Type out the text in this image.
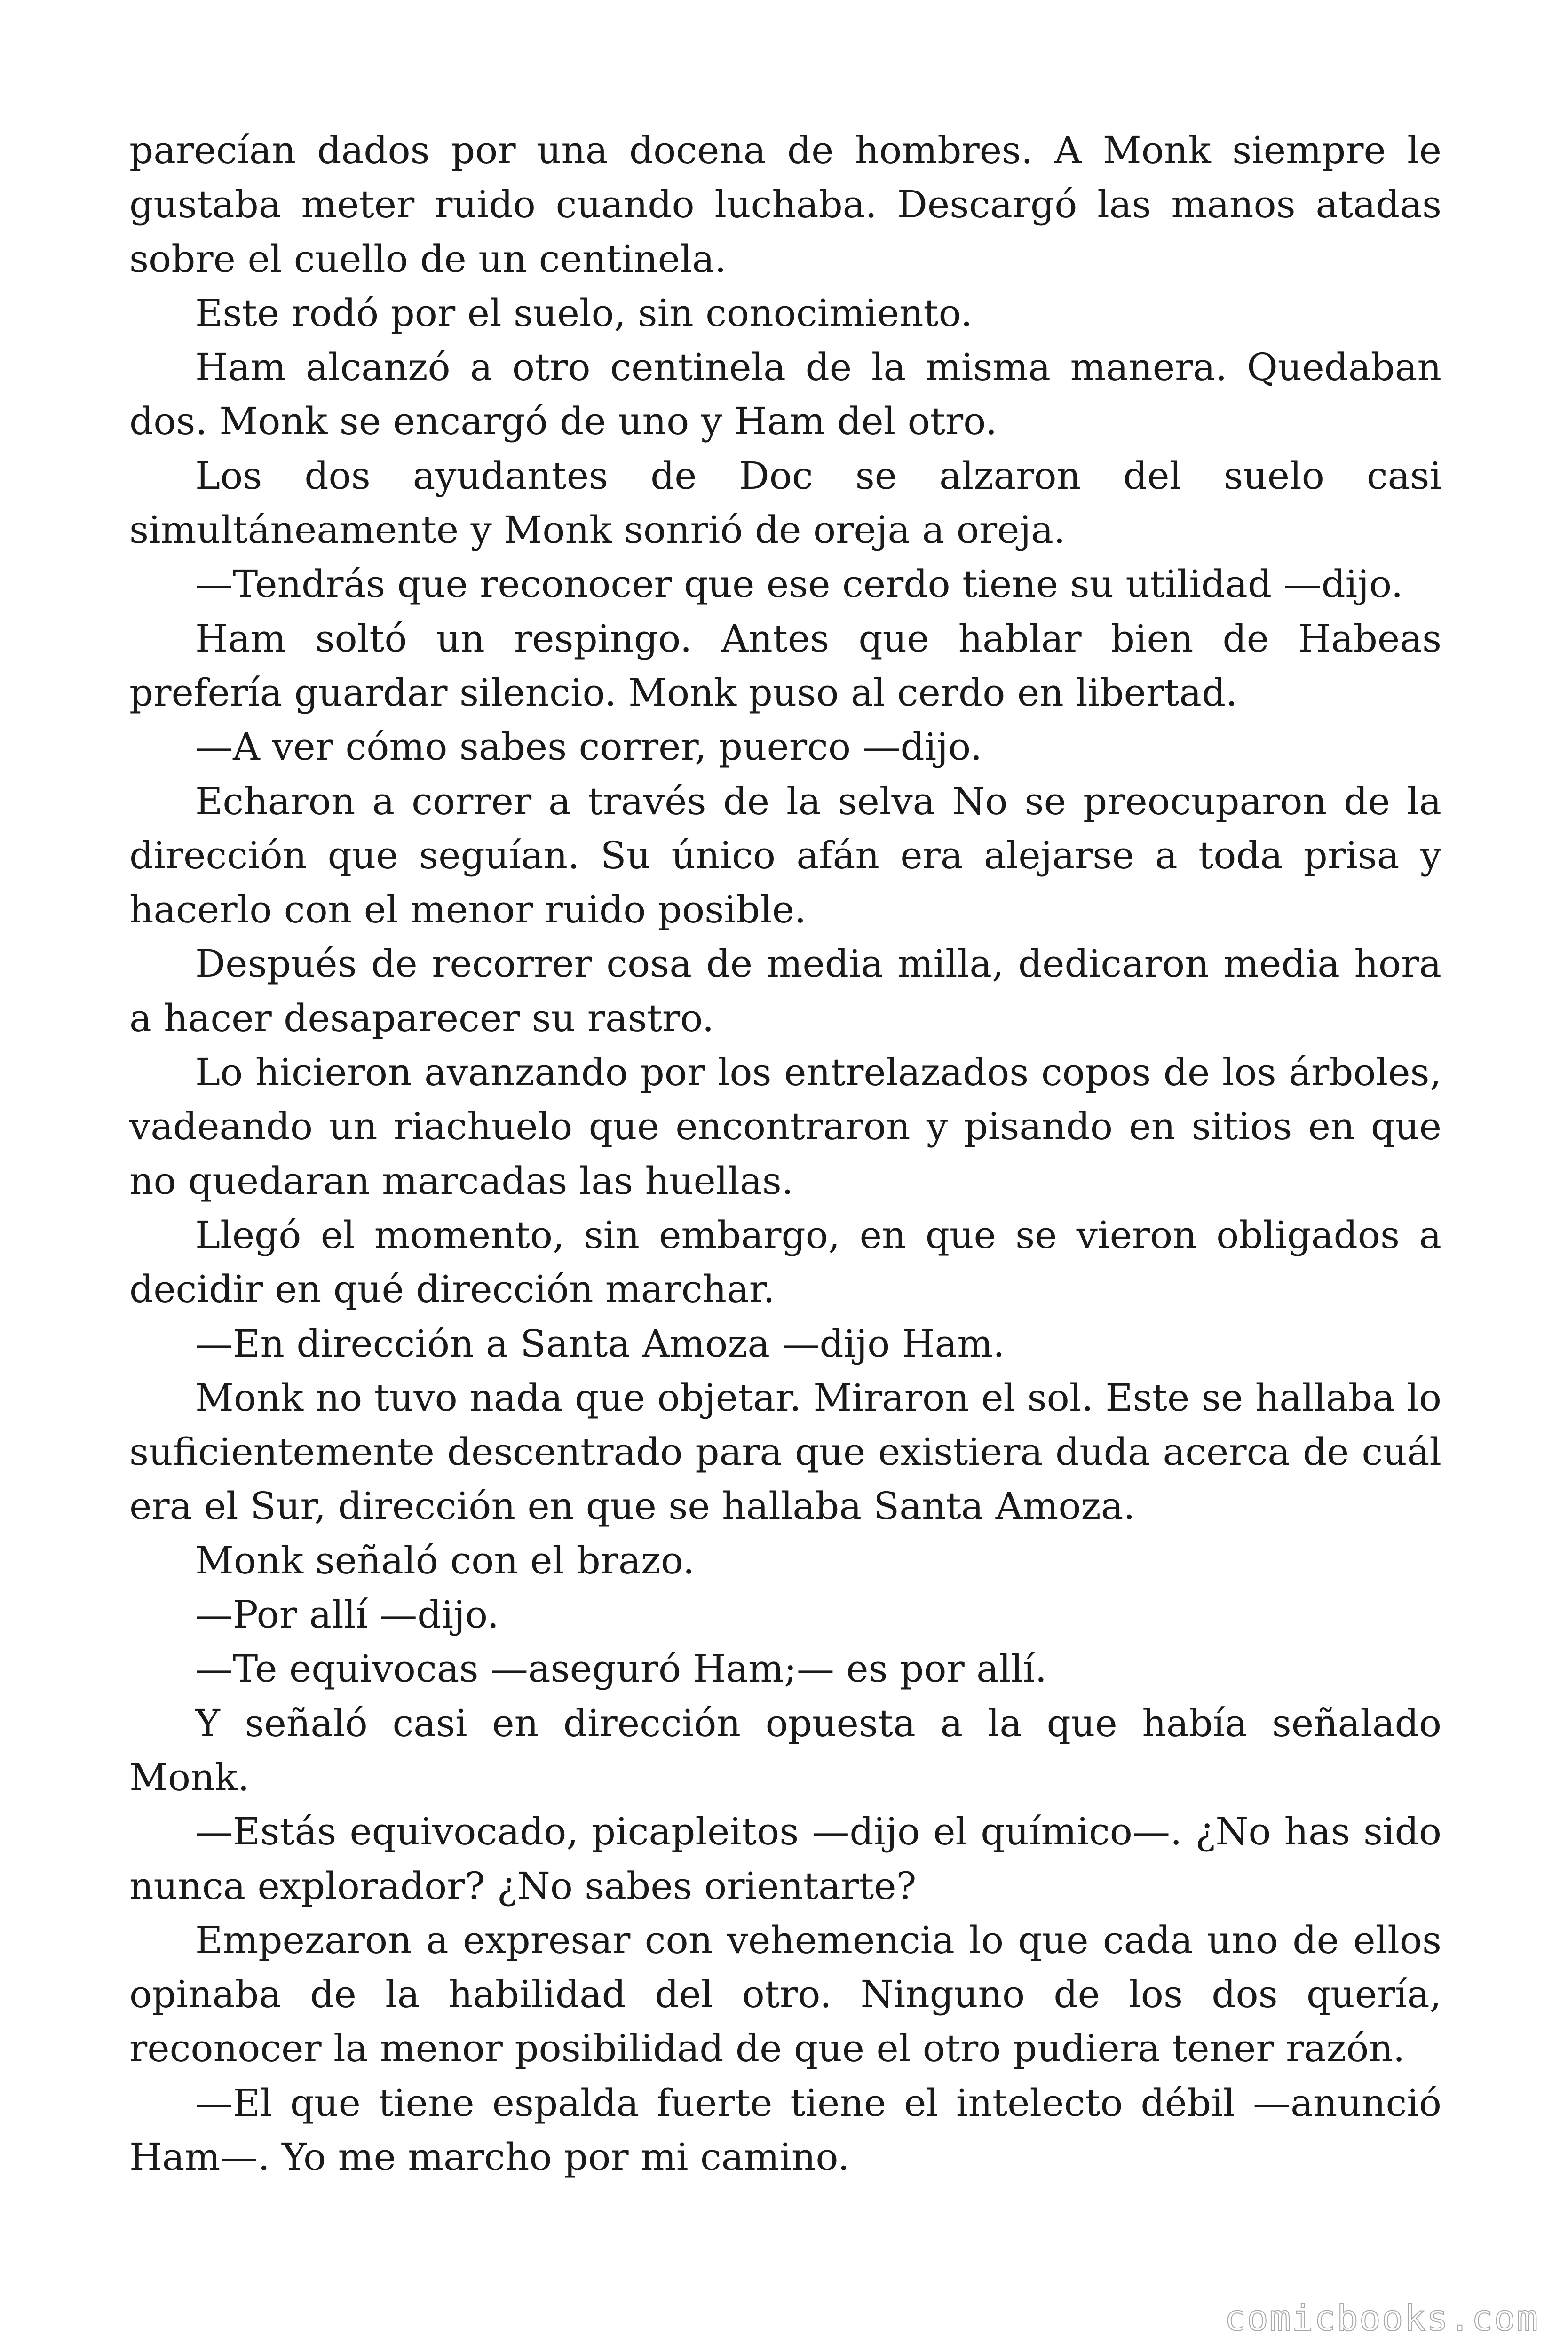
parecían dados por una docena de hombres. A Monk siempre le gustaba meter ruido cuando luchaba. Descargó las manos atadas sobre el cuello de un centinela.

Este rodó por el suelo, sin conocimiento.

Ham alcanzó a otro centinela de la misma manera. Quedaban dos. Monk se encargó de uno y Ham del otro.

Los dos ayudantes de Doc se alzaron del suelo casi simultáneamente y Monk sonrió de oreja a oreja.

—Tendrás que reconocer que ese cerdo tiene su utilidad —dijo.

Ham soltó un respingo. Antes que hablar bien de Habeas prefería guardar silencio. Monk puso al cerdo en libertad.

—A ver cómo sabes correr, puerco —dijo.

Echaron a correr a través de la selva No se preocuparon de la dirección que seguían. Su único afán era alejarse a toda prisa y hacerlo con el menor ruido posible.

Después de recorrer cosa de media milla, dedicaron media hora a hacer desaparecer su rastro.

Lo hicieron avanzando por los entrelazados copos de los árboles, vadeando un riachuelo que encontraron y pisando en sitios en que no quedaran marcadas las huellas.

Llegó el momento, sin embargo, en que se vieron obligados a decidir en qué dirección marchar.

—En dirección a Santa Amoza —dijo Ham.

Monk no tuvo nada que objetar. Miraron el sol. Este se hallaba lo suficientemente descentrado para que existiera duda acerca de cuál era el Sur, dirección en que se hallaba Santa Amoza.

Monk señaló con el brazo.

—Por allí —dijo.

—Te equivocas —aseguró Ham;— es por allí.

Y señaló casi en dirección opuesta a la que había señalado Monk.

—Estás equivocado, picapleitos —dijo el químico—. ¿No has sido nunca explorador? ¿No sabes orientarte?

Empezaron a expresar con vehemencia lo que cada uno de ellos opinaba de la habilidad del otro. Ninguno de los dos quería, reconocer la menor posibilidad de que el otro pudiera tener razón.

—El que tiene espalda fuerte tiene el intelecto débil —anunció Ham—. Yo me marcho por mi camino.

comicbooks.com
